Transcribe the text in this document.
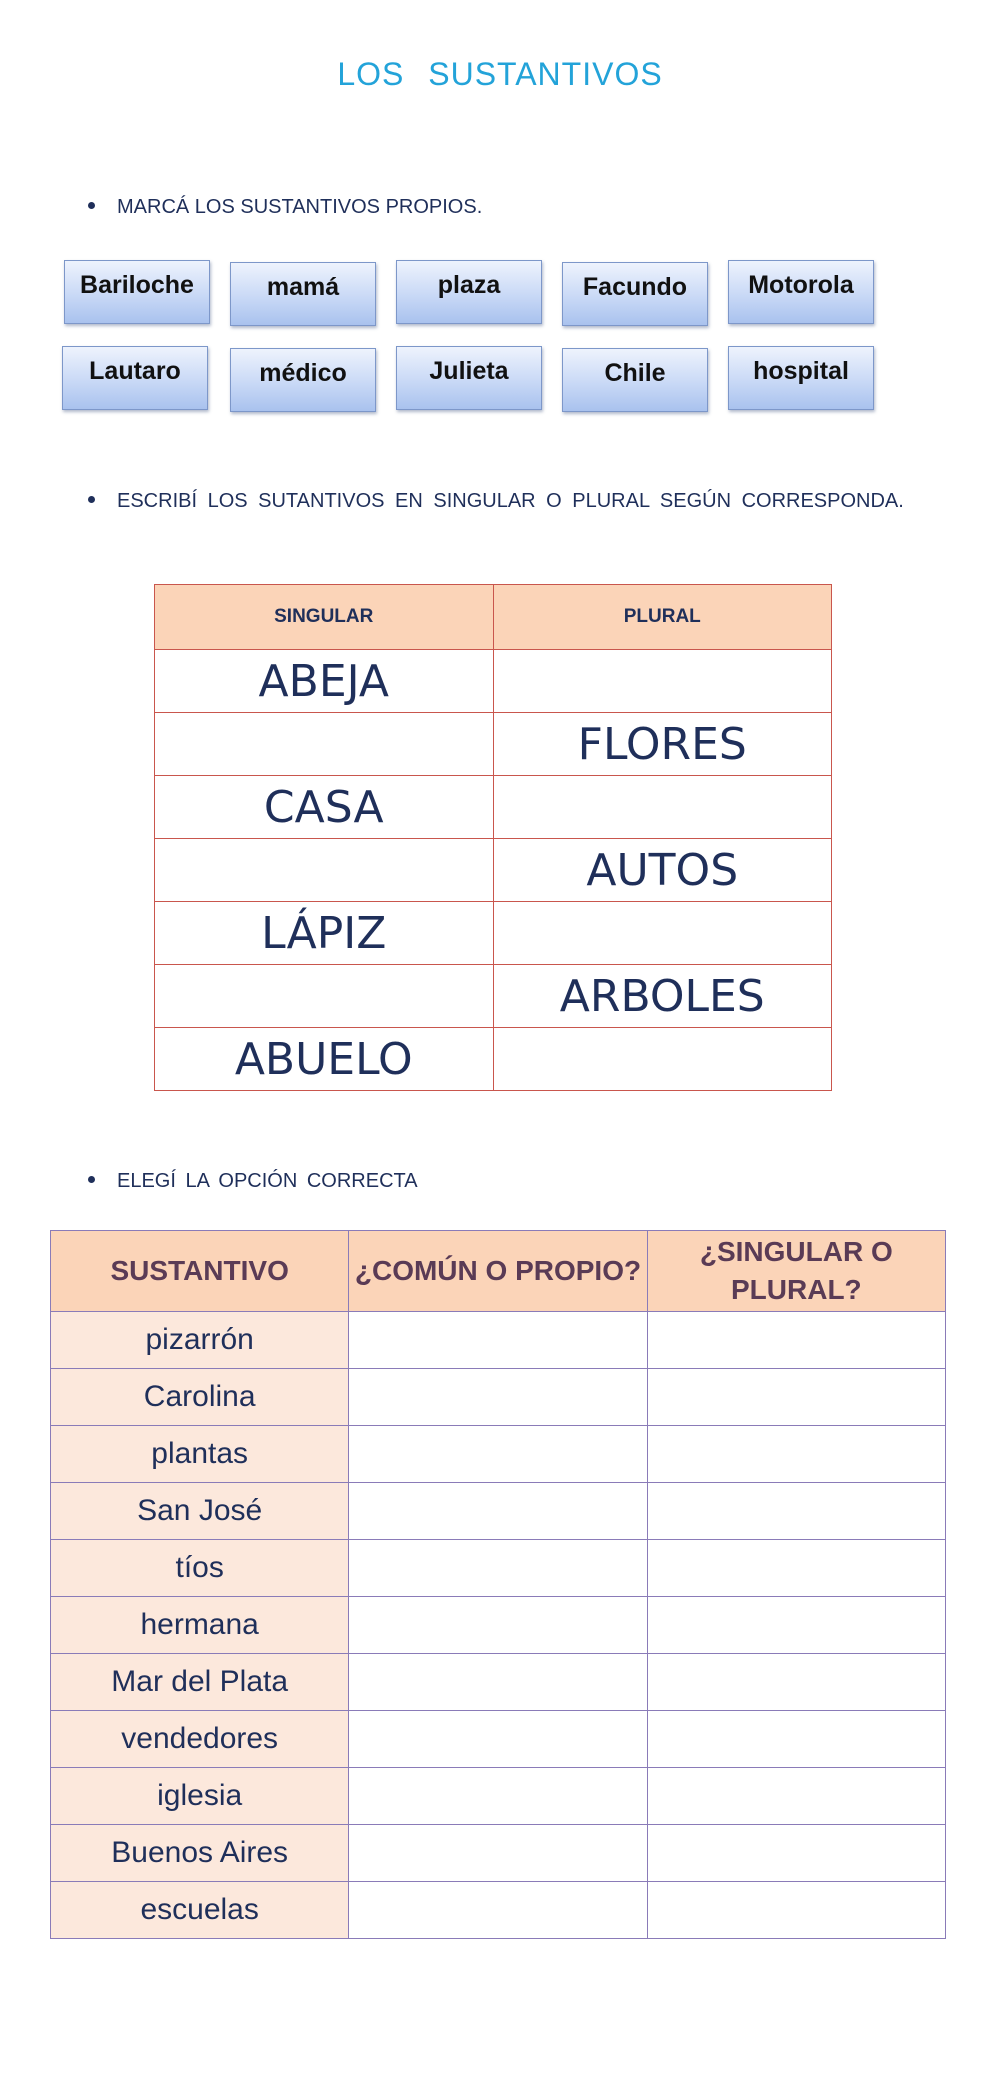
LOS SUSTANTIVOS
MARCÁ LOS SUSTANTIVOS PROPIOS.
Bariloche	mamá	plaza	Facundo	Motorola
Lautaro	médico	Julieta	Chile	hospital
ESCRIBÍ LOS SUTANTIVOS EN SINGULAR O PLURAL SEGÚN CORRESPONDA.
SINGULAR	PLURAL
ABEJA	
	FLORES
CASA	
	AUTOS
LÁPIZ	
	ARBOLES
ABUELO	
ELEGÍ LA OPCIÓN CORRECTA
SUSTANTIVO	¿COMÚN O PROPIO?	¿SINGULAR O PLURAL?
pizarrón		
Carolina		
plantas		
San José		
tíos		
hermana		
Mar del Plata		
vendedores		
iglesia		
Buenos Aires		
escuelas		
